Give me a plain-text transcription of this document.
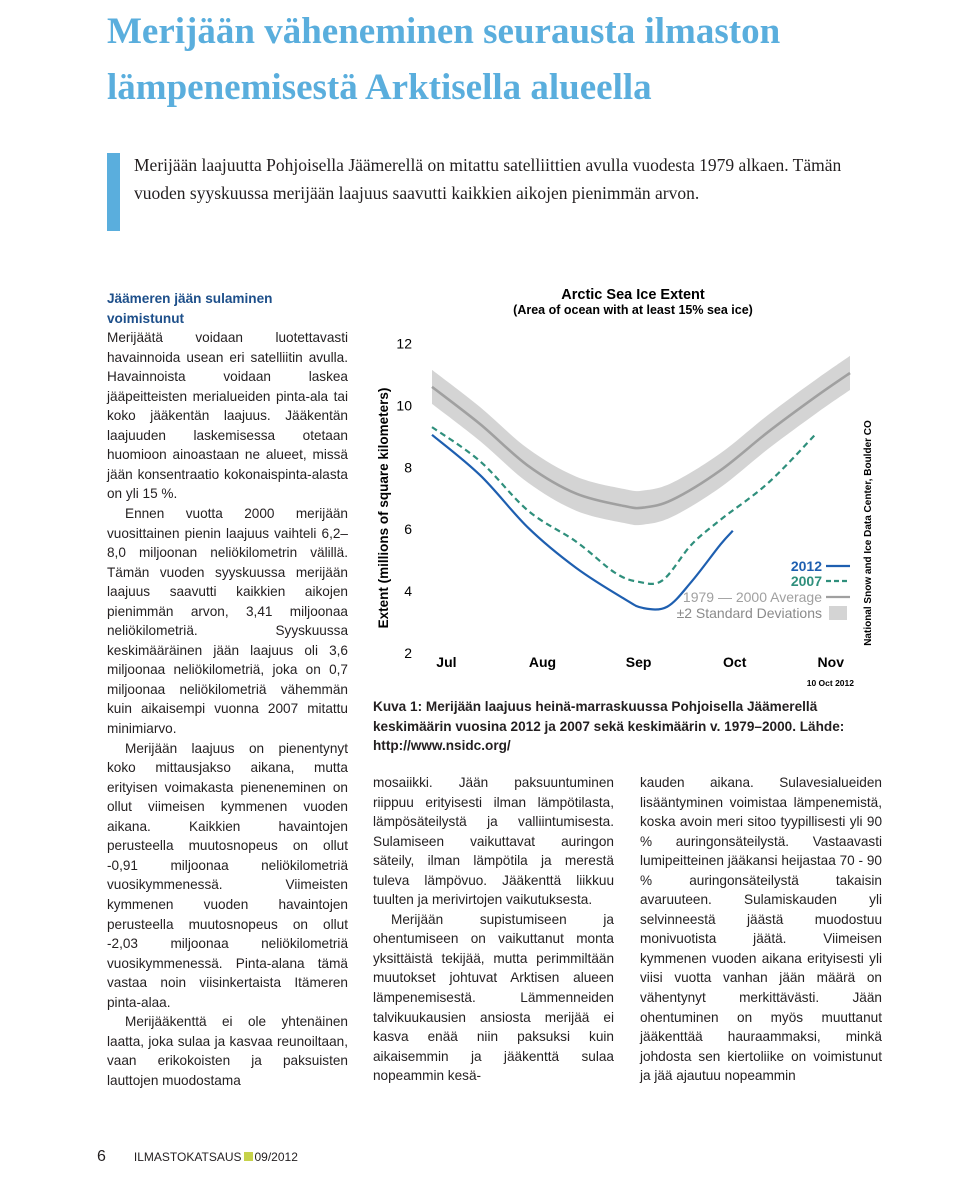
Merijään väheneminen seurausta ilmaston lämpenemisestä Arktisella alueella

Merijään laajuutta Pohjoisella Jäämerellä on mitattu satelliittien avulla vuodesta 1979 alkaen. Tämän vuoden syyskuussa merijään laajuus saavutti kaikkien aikojen pienimmän arvon.

Jäämeren jään sulaminen voimistunut

Merijäätä voidaan luotettavasti havainnoida usean eri satelliitin avulla. Havainnoista voidaan laskea jääpeitteisten merialueiden pinta-ala tai koko jääkentän laajuus. Jääkentän laajuuden laskemisessa otetaan huomioon ainoastaan ne alueet, missä jään konsentraatio kokonaispinta-alasta on yli 15 %.

Ennen vuotta 2000 merijään vuosittainen pienin laajuus vaihteli 6,2–8,0 miljoonan neliökilometrin välillä. Tämän vuoden syyskuussa merijään laajuus saavutti kaikkien aikojen pienimmän arvon, 3,41 miljoonaa neliökilometriä. Syyskuussa keskimääräinen jään laajuus oli 3,6 miljoonaa neliökilometriä, joka on 0,7 miljoonaa neliökilometriä vähemmän kuin aikaisempi vuonna 2007 mitattu minimiarvo.

Merijään laajuus on pienentynyt koko mittausjakso aikana, mutta erityisen voimakasta pieneneminen on ollut viimeisen kymmenen vuoden aikana. Kaikkien havaintojen perusteella muutosnopeus on ollut -0,91 miljoonaa neliökilometriä vuosikymmenessä. Viimeisten kymmenen vuoden havaintojen perusteella muutosnopeus on ollut -2,03 miljoonaa neliökilometriä vuosikymmenessä. Pinta-alana tämä vastaa noin viisinkertaista Itämeren pinta-alaa.

Merijääkenttä ei ole yhtenäinen laatta, joka sulaa ja kasvaa reunoiltaan, vaan erikokoisten ja paksuisten lauttojen muodostama

Arctic Sea Ice Extent
(Area of ocean with at least 15% sea ice)
Extent (millions of square kilometers)	National Snow and Ice Data Center, Boulder CO
10 Oct 2012
2
4
6
8
10
12
Jul	Aug	Sep	Oct	Nov
2012
2007
1979 — 2000 Average
±2 Standard Deviations

Kuva 1: Merijään laajuus heinä-marraskuussa Pohjoisella Jäämerellä keskimäärin vuosina 2012 ja 2007 sekä keskimäärin v. 1979–2000. Lähde: http://www.nsidc.org/

mosaiikki. Jään paksuuntuminen riippuu erityisesti ilman lämpötilasta, lämpösäteilystä ja valliintumisesta. Sulamiseen vaikuttavat auringon säteily, ilman lämpötila ja merestä tuleva lämpövuo. Jääkenttä liikkuu tuulten ja merivirtojen vaikutuksesta.

Merijään supistumiseen ja ohentumiseen on vaikuttanut monta yksittäistä tekijää, mutta perimmiltään muutokset johtuvat Arktisen alueen lämpenemisestä. Lämmenneiden talvikuukausien ansiosta merijää ei kasva enää niin paksuksi kuin aikaisemmin ja jääkenttä sulaa nopeammin kesä-

kauden aikana. Sulavesialueiden lisääntyminen voimistaa lämpenemistä, koska avoin meri sitoo tyypillisesti yli 90 % auringonsäteilystä. Vastaavasti lumipeitteinen jääkansi heijastaa 70 - 90 % auringonsäteilystä takaisin avaruuteen. Sulamiskauden yli selvinneestä jäästä muodostuu monivuotista jäätä. Viimeisen kymmenen vuoden aikana erityisesti yli viisi vuotta vanhan jään määrä on vähentynyt merkittävästi. Jään ohentuminen on myös muuttanut jääkenttää hauraammaksi, minkä johdosta sen kiertoliike on voimistunut ja jää ajautuu nopeammin

6 ILMASTOKATSAUS 09/2012
